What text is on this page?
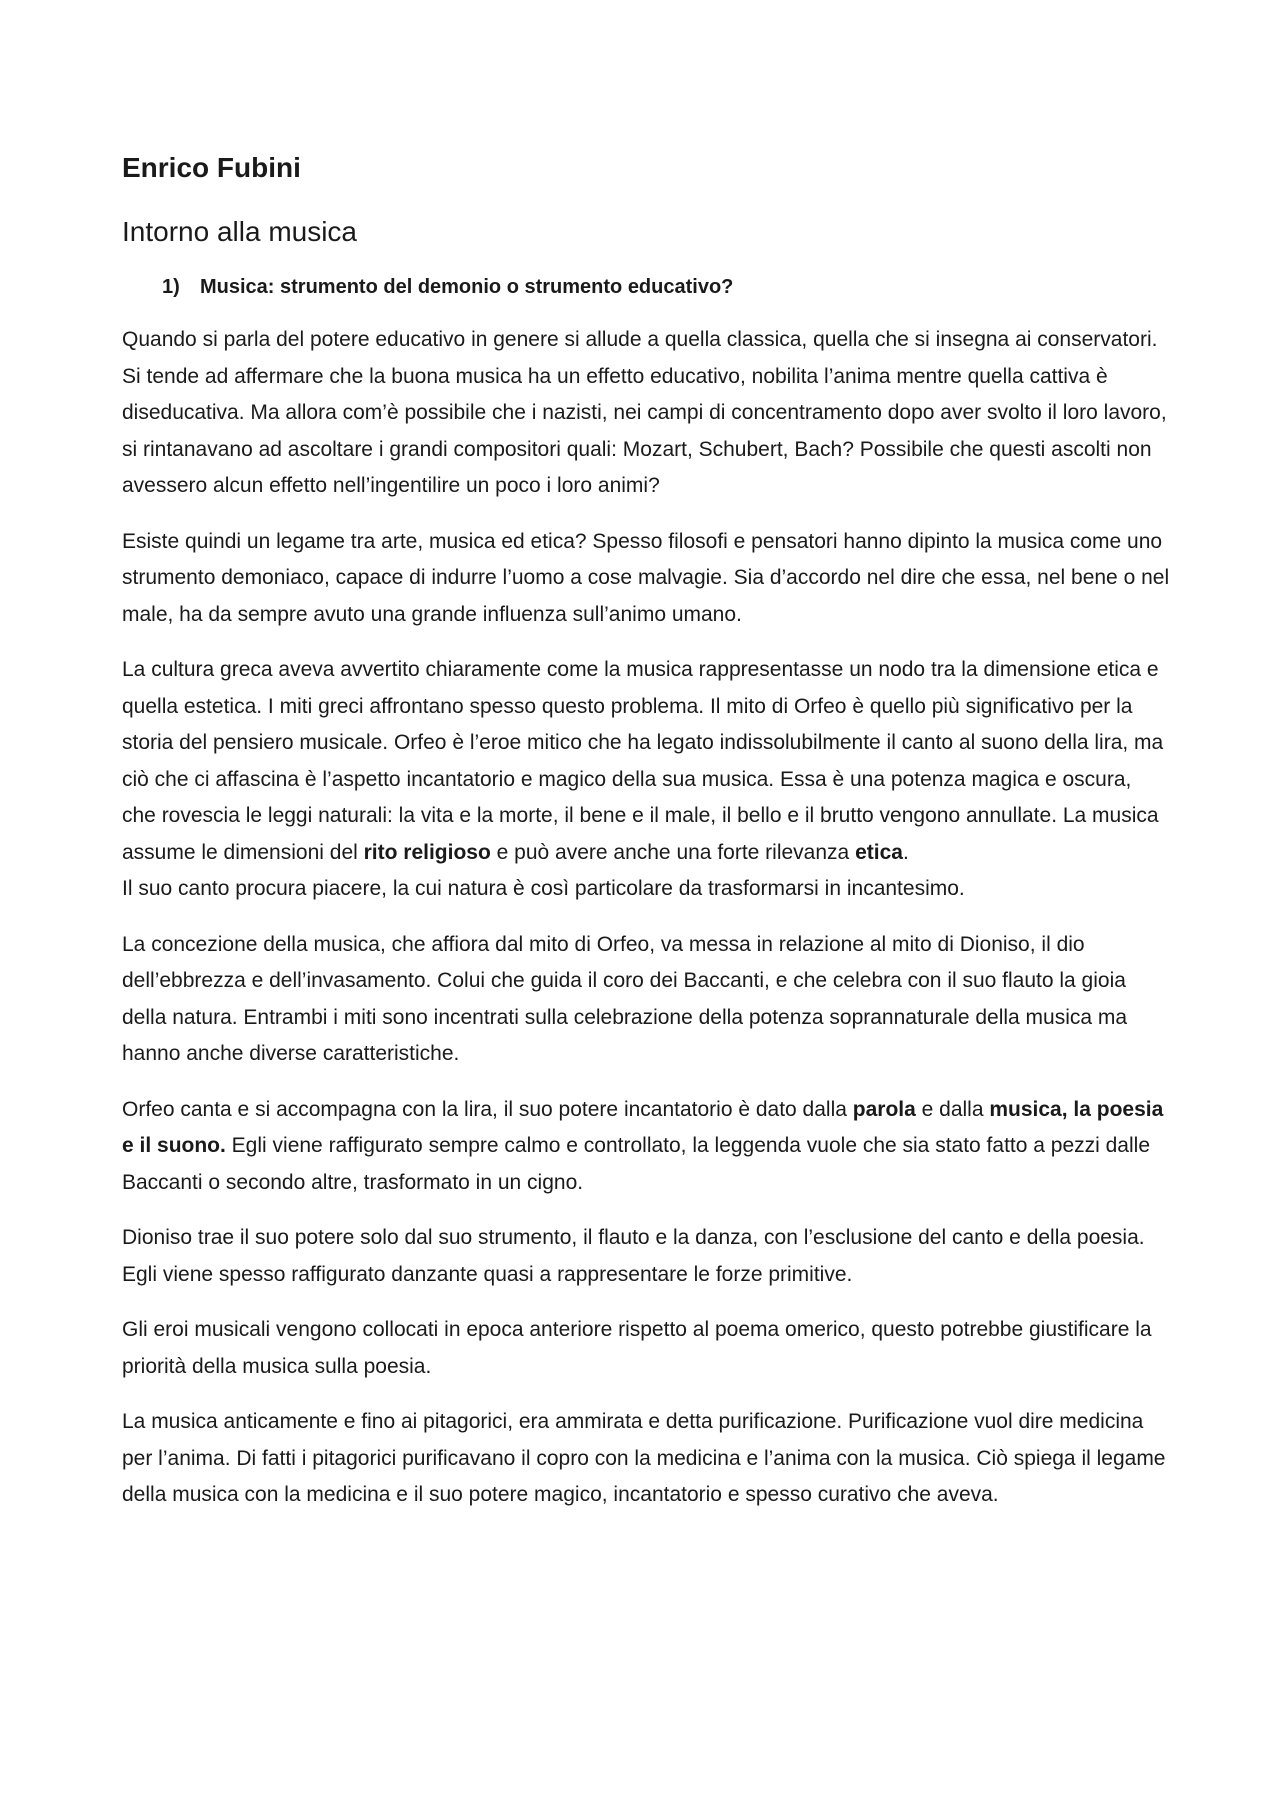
Enrico Fubini
Intorno alla musica
1) Musica: strumento del demonio o strumento educativo?

Quando si parla del potere educativo in genere si allude a quella classica, quella che si insegna ai conservatori. Si tende ad affermare che la buona musica ha un effetto educativo, nobilita l’anima mentre quella cattiva è diseducativa. Ma allora com’è possibile che i nazisti, nei campi di concentramento dopo aver svolto il loro lavoro, si rintanavano ad ascoltare i grandi compositori quali: Mozart, Schubert, Bach? Possibile che questi ascolti non avessero alcun effetto nell’ingentilire un poco i loro animi?

Esiste quindi un legame tra arte, musica ed etica? Spesso filosofi e pensatori hanno dipinto la musica come uno strumento demoniaco, capace di indurre l’uomo a cose malvagie. Sia d’accordo nel dire che essa, nel bene o nel male, ha da sempre avuto una grande influenza sull’animo umano.

La cultura greca aveva avvertito chiaramente come la musica rappresentasse un nodo tra la dimensione etica e quella estetica. I miti greci affrontano spesso questo problema. Il mito di Orfeo è quello più significativo per la storia del pensiero musicale. Orfeo è l’eroe mitico che ha legato indissolubilmente il canto al suono della lira, ma ciò che ci affascina è l’aspetto incantatorio e magico della sua musica. Essa è una potenza magica e oscura, che rovescia le leggi naturali: la vita e la morte, il bene e il male, il bello e il brutto vengono annullate. La musica assume le dimensioni del rito religioso e può avere anche una forte rilevanza etica.
Il suo canto procura piacere, la cui natura è così particolare da trasformarsi in incantesimo.

La concezione della musica, che affiora dal mito di Orfeo, va messa in relazione al mito di Dioniso, il dio dell’ebbrezza e dell’invasamento. Colui che guida il coro dei Baccanti, e che celebra con il suo flauto la gioia della natura. Entrambi i miti sono incentrati sulla celebrazione della potenza soprannaturale della musica ma hanno anche diverse caratteristiche.

Orfeo canta e si accompagna con la lira, il suo potere incantatorio è dato dalla parola e dalla musica, la poesia e il suono. Egli viene raffigurato sempre calmo e controllato, la leggenda vuole che sia stato fatto a pezzi dalle Baccanti o secondo altre, trasformato in un cigno.

Dioniso trae il suo potere solo dal suo strumento, il flauto e la danza, con l’esclusione del canto e della poesia. Egli viene spesso raffigurato danzante quasi a rappresentare le forze primitive.

Gli eroi musicali vengono collocati in epoca anteriore rispetto al poema omerico, questo potrebbe giustificare la priorità della musica sulla poesia.

La musica anticamente e fino ai pitagorici, era ammirata e detta purificazione. Purificazione vuol dire medicina per l’anima. Di fatti i pitagorici purificavano il copro con la medicina e l’anima con la musica. Ciò spiega il legame della musica con la medicina e il suo potere magico, incantatorio e spesso curativo che aveva.
